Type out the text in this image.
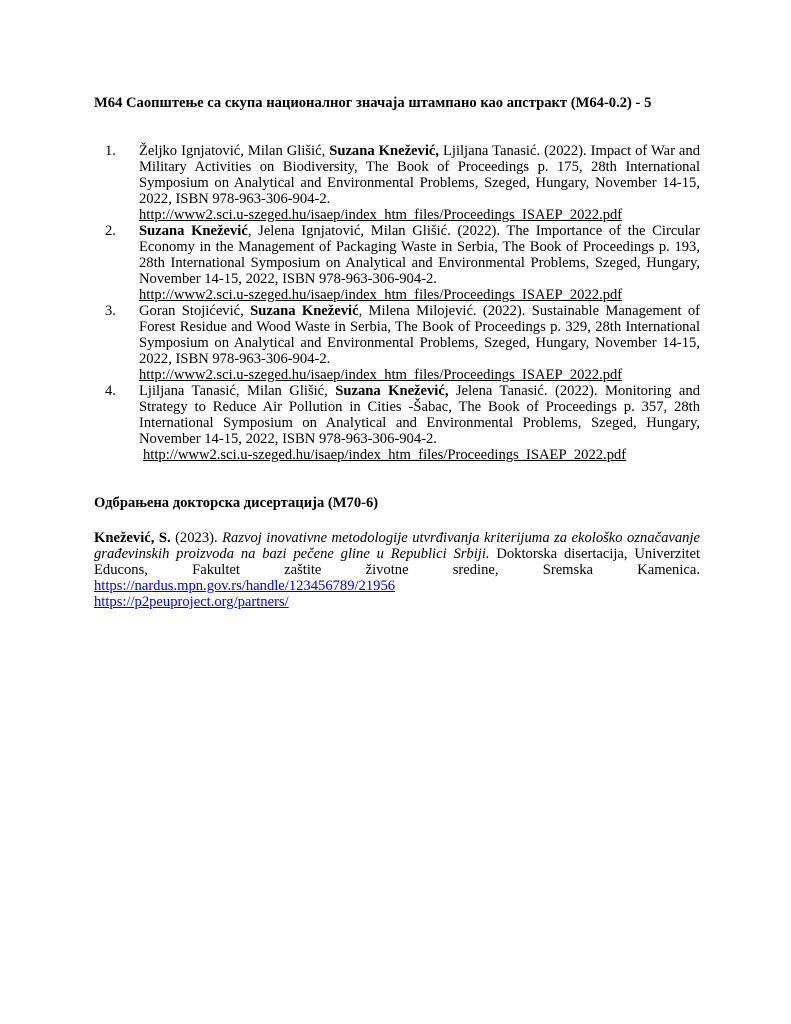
М64 Саопштење са скупа националног значаја штампано као апстракт (М64-0.2) - 5
1. Željko Ignjatović, Milan Glišić, Suzana Knežević, Ljiljana Tanasić. (2022). Impact of War and Military Activities on Biodiversity, The Book of Proceedings p. 175, 28th International Symposium on Analytical and Environmental Problems, Szeged, Hungary, November 14-15, 2022, ISBN 978-963-306-904-2.
http://www2.sci.u-szeged.hu/isaep/index_htm_files/Proceedings_ISAEP_2022.pdf
2. Suzana Knežević, Jelena Ignjatović, Milan Glišić. (2022). The Importance of the Circular Economy in the Management of Packaging Waste in Serbia, The Book of Proceedings p. 193, 28th International Symposium on Analytical and Environmental Problems, Szeged, Hungary, November 14-15, 2022, ISBN 978-963-306-904-2.
http://www2.sci.u-szeged.hu/isaep/index_htm_files/Proceedings_ISAEP_2022.pdf
3. Goran Stojićević, Suzana Knežević, Milena Milojević. (2022). Sustainable Management of Forest Residue and Wood Waste in Serbia, The Book of Proceedings p. 329, 28th International Symposium on Analytical and Environmental Problems, Szeged, Hungary, November 14-15, 2022, ISBN 978-963-306-904-2.
http://www2.sci.u-szeged.hu/isaep/index_htm_files/Proceedings_ISAEP_2022.pdf
4. Ljiljana Tanasić, Milan Glišić, Suzana Knežević, Jelena Tanasić. (2022). Monitoring and Strategy to Reduce Air Pollution in Cities -Šabac, The Book of Proceedings p. 357, 28th International Symposium on Analytical and Environmental Problems, Szeged, Hungary, November 14-15, 2022, ISBN 978-963-306-904-2.
http://www2.sci.u-szeged.hu/isaep/index_htm_files/Proceedings_ISAEP_2022.pdf
Одбрањена докторска дисертација (М70-6)
Knežević, S. (2023). Razvoj inovativne metodologije utvrđivanja kriterijuma za ekološko označavanje građevinskih proizvoda na bazi pečene gline u Republici Srbiji. Doktorska disertacija, Univerzitet Educons, Fakultet zaštite životne sredine, Sremska Kamenica.
https://nardus.mpn.gov.rs/handle/123456789/21956
https://p2peuproject.org/partners/
